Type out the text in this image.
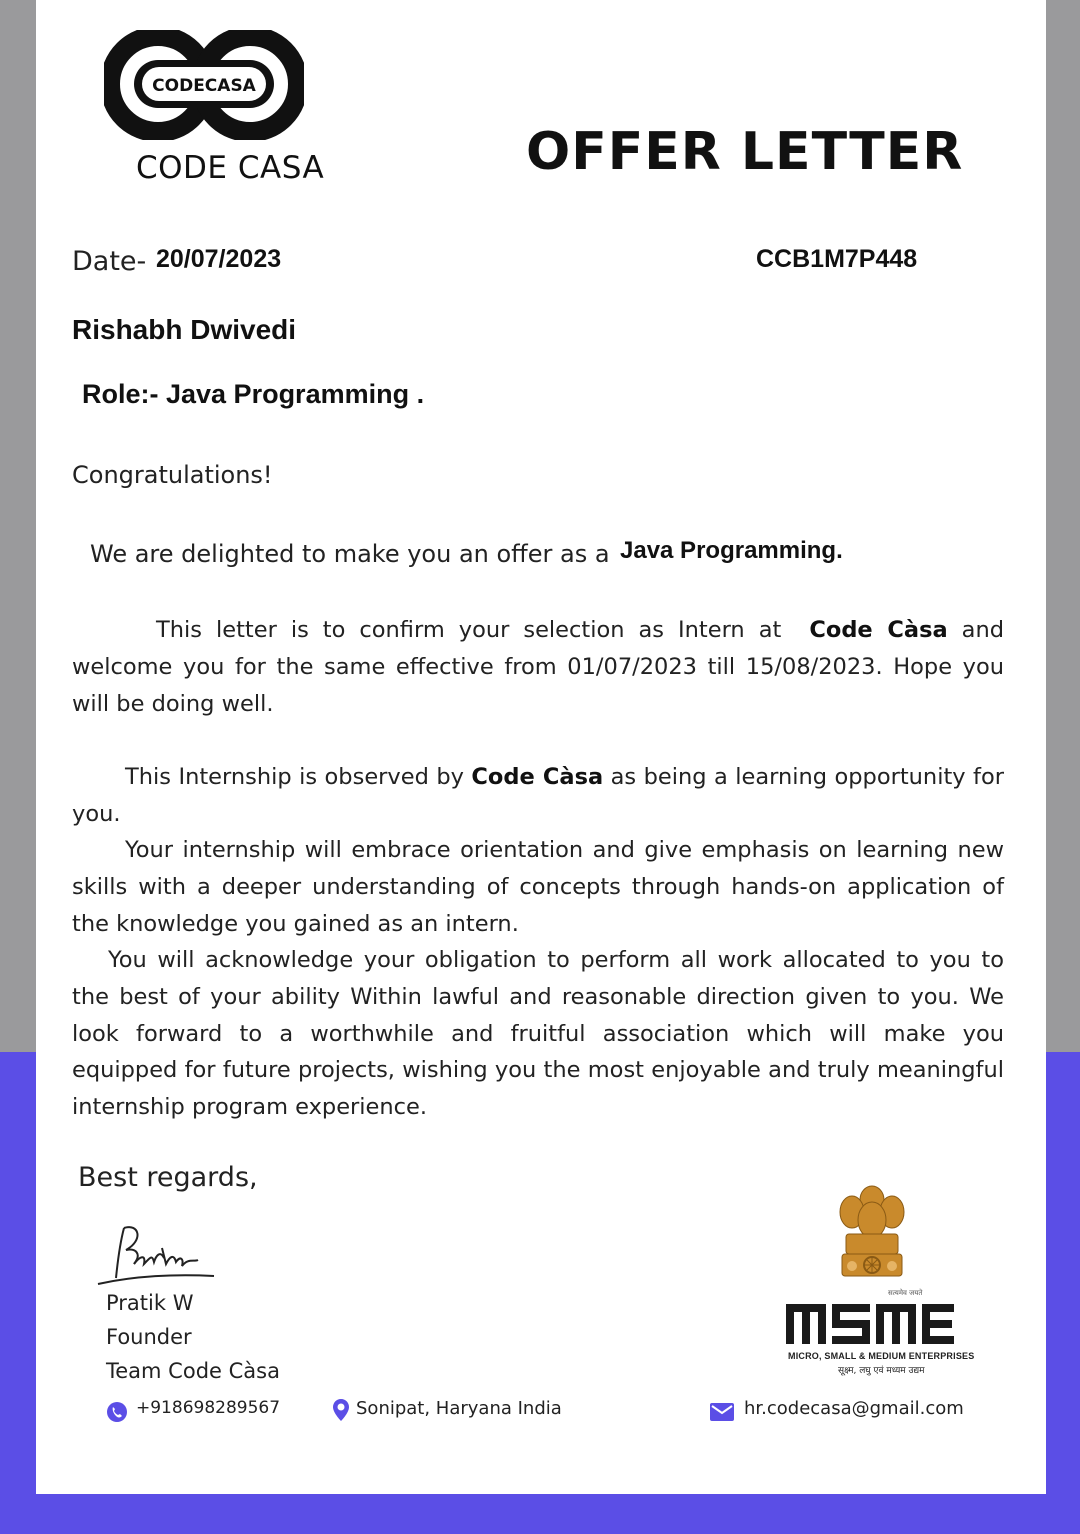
CODECASA
CODE CASA	OFFER LETTER
Date- 20/07/2023	CCB1M7P448
Rishabh Dwivedi
Role:- Java Programming .
Congratulations!
We are delighted to make you an offer as a Java Programming.

This letter is to confirm your selection as Intern at Code Càsa and welcome you for the same effective from 01/07/2023 till 15/08/2023. Hope you will be doing well.

This Internship is observed by Code Càsa as being a learning opportunity for you.

Your internship will embrace orientation and give emphasis on learning new skills with a deeper understanding of concepts through hands-on application of the knowledge you gained as an intern.

You will acknowledge your obligation to perform all work allocated to you to the best of your ability Within lawful and reasonable direction given to you. We look forward to a worthwhile and fruitful association which will make you equipped for future projects, wishing you the most enjoyable and truly meaningful internship program experience.

Best regards,
Pratik W
Founder
Team Code Càsa
सत्यमेव जयते
MICRO, SMALL & MEDIUM ENTERPRISES
सूक्ष्म, लघु एवं मध्यम उद्यम
+918698289567	Sonipat, Haryana India	hr.codecasa@gmail.com
